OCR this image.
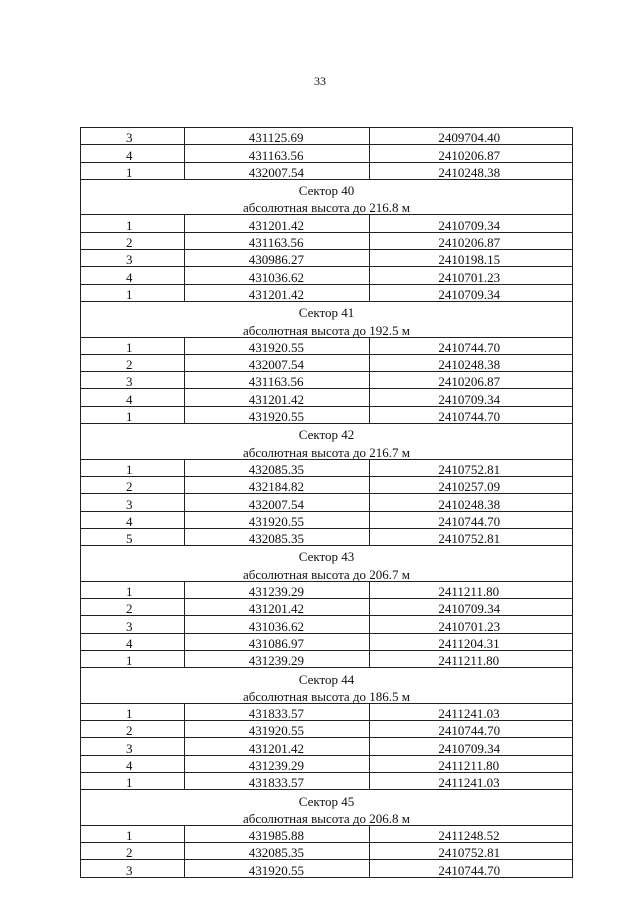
33
3	431125.69	2409704.40
4	431163.56	2410206.87
1	432007.54	2410248.38
Сектор 40		
абсолютная высота до 216.8 м		
1	431201.42	2410709.34
2	431163.56	2410206.87
3	430986.27	2410198.15
4	431036.62	2410701.23
1	431201.42	2410709.34
Сектор 41		
абсолютная высота до 192.5 м		
1	431920.55	2410744.70
2	432007.54	2410248.38
3	431163.56	2410206.87
4	431201.42	2410709.34
1	431920.55	2410744.70
Сектор 42		
абсолютная высота до 216.7 м		
1	432085.35	2410752.81
2	432184.82	2410257.09
3	432007.54	2410248.38
4	431920.55	2410744.70
5	432085.35	2410752.81
Сектор 43		
абсолютная высота до 206.7 м		
1	431239.29	2411211.80
2	431201.42	2410709.34
3	431036.62	2410701.23
4	431086.97	2411204.31
1	431239.29	2411211.80
Сектор 44		
абсолютная высота до 186.5 м		
1	431833.57	2411241.03
2	431920.55	2410744.70
3	431201.42	2410709.34
4	431239.29	2411211.80
1	431833.57	2411241.03
Сектор 45		
абсолютная высота до 206.8 м		
1	431985.88	2411248.52
2	432085.35	2410752.81
3	431920.55	2410744.70
